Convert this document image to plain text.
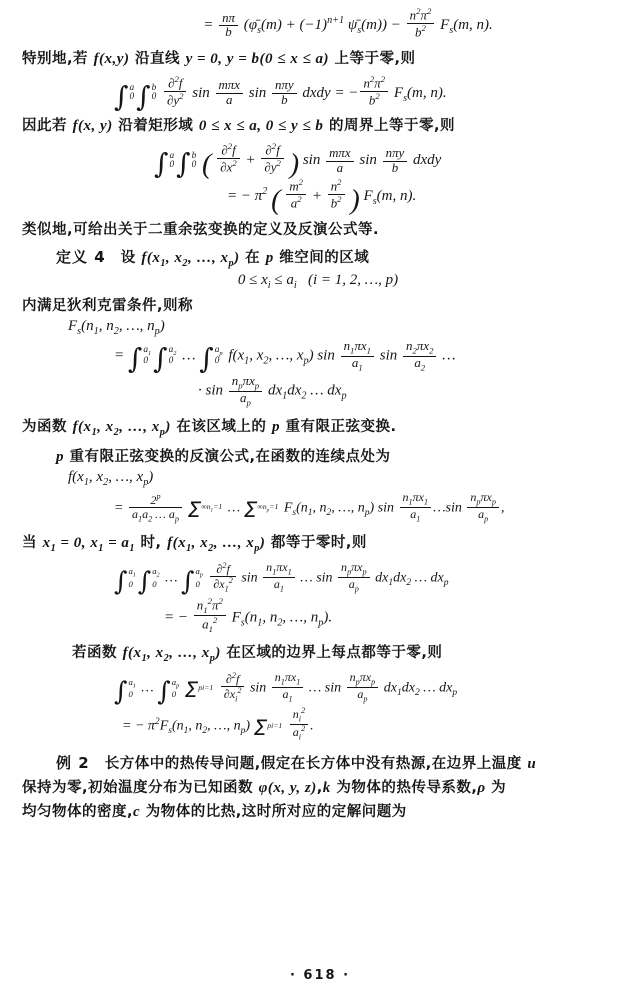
= $\frac{n\pi}{b}$ ($\varphī_s(m) + (-1)^{n+1}$ $\psī_s(m)) - \frac{n^2\pi^2}{b^2} F_s(m$, n).
特别地,若 f(x,y) 沿直线 y = 0, y = b(0 ≤ x ≤ a) 上等于零,则
∫ a
0 ∫ b
0
$\frac{\partial^2f}{\partial y^2}$ $\sin \frac{\text{mπx}}{a}$ $\sin \frac{\text{nπy}}{b}$ dxdy = − $\frac{n^2\pi^2}{b^2} F_s(m$, n).
因此若 f(x, y) 沿着矩形域 0 ≤ x ≤ a, 0 ≤ y ≤ b 的周界上等于零,则
∫ a
0 ∫ b
0 ( $\frac{\partial^2f}{\partial x^2} + \frac{\partial^2f}{\partial y^2}$ ) $\sin \frac{\text{mπx}}{a}$ $\sin \frac{\text{nπy}}{b}$ dxdy
= − $\pi^2$ ( $\frac{m^2}{a^2} + \frac{n^2}{b^2}$ ) $F_s(m$, n).
类似地,可给出关于二重余弦变换的定义及反演公式等.
定义 4   设 $f(x_1$, $x_2$, …, $x_p$) 在 p 维空间的区域
$0 \le x_i \le a_i$   (i = 1, 2, …, p)
内满足狄利克雷条件,则称
$F_s(n_1$, $n_2$, …, $n_p$)
= ∫ $a_1$
0 ∫ $a_2$
0 … ∫ $a_p$
0 $f(x_1$, $x_2$, …, $x_p$) $\sin \frac{n_1\pi x_1}{a_1}$ $\sin \frac{n_2\pi x_2}{a_2}$ …
· $\sin \frac{n_p\pi x_p}{a_p} dx_1dx_2$ … $dx_p$
为函数 $f(x_1$, $x_2$, …, $x_p$) 在该区域上的 p 重有限正弦变换.
p 重有限正弦变换的反演公式,在函数的连续点处为
$f(x_1$, $x_2$, …, $x_p$)
= $\frac{2^p}{a_1a_2 \dots a_p} \Sigma\infty n_1=1$ … $\Sigma\infty n_p=1$ $F_s(n_1$, $n_2$, …, $n_p$) $\sin \frac{n_1\pi x_1}{a_1}$ …sin $\frac{n_p\pi x_p}{a_p}$ ,
当 $x_1 = 0$, $x_1 = a_1$ 时, $f(x_1$, $x_2$, …, $x_p$) 都等于零时,则
∫ $a_1$
0 ∫ $a_2$
0 … ∫ $a_p$
0
$\frac{\partial^2f}{\partial x_1^2}$ $\sin \frac{n_1\pi x_1}{a_1}$ … $\sin \frac{n_p\pi x_p}{a_p} dx_1dx_2$ … $dx_p$
= − $\frac{n_1^2\pi^2}{a_1^2} F_s(n_1$, $n_2$, …, $n_p$).
若函数 $f(x_1$, $x_2$, …, $x_p$) 在区域的边界上每点都等于零,则
∫ $a_1$
0 … ∫ $a_p$
0 $\Sigma pi=1 \frac{\partial^2f}{\partial x_i^2}$ $\sin \frac{n_1\pi x_1}{a_1}$ … $\sin \frac{n_p\pi x_p}{a_p} dx_1dx_2$ … $dx_p$
= − $\pi^2F_s(n_1$, $n_2$, …, $n_p$) $\Sigma pi=1 \frac{n_i^2}{a_i^2}$ .
例 2   长方体中的热传导问题,假定在长方体中没有热源,在边界上温度 u
保持为零,初始温度分布为已知函数 φ(x, y, z),k 为物体的热传导系数,ρ 为
均匀物体的密度,c 为物体的比热,这时所对应的定解问题为
· 618 ·
